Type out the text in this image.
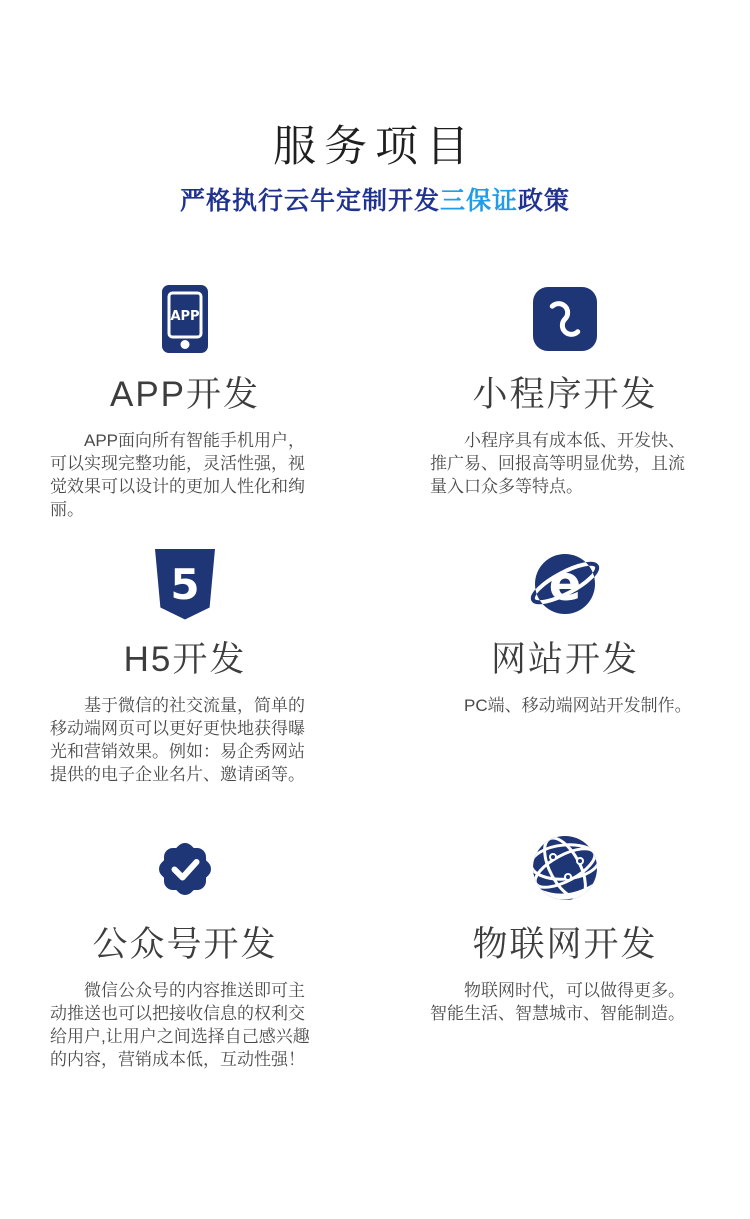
服务项目

严格执行云牛定制开发三保证政策

APP
APP开发

APP面向所有智能手机用户，可以实现完整功能，灵活性强，视觉效果可以设计的更加人性化和绚丽。

小程序开发

小程序具有成本低、开发快、推广易、回报高等明显优势，且流量入口众多等特点。

5
H5开发

基于微信的社交流量，简单的移动端网页可以更好更快地获得曝光和营销效果。例如：易企秀网站提供的电子企业名片、邀请函等。

e
网站开发

PC端、移动端网站开发制作。

公众号开发

微信公众号的内容推送即可主动推送也可以把接收信息的权利交给用户,让用户之间选择自己感兴趣的内容，营销成本低，互动性强！

物联网开发

物联网时代，可以做得更多。智能生活、智慧城市、智能制造。
